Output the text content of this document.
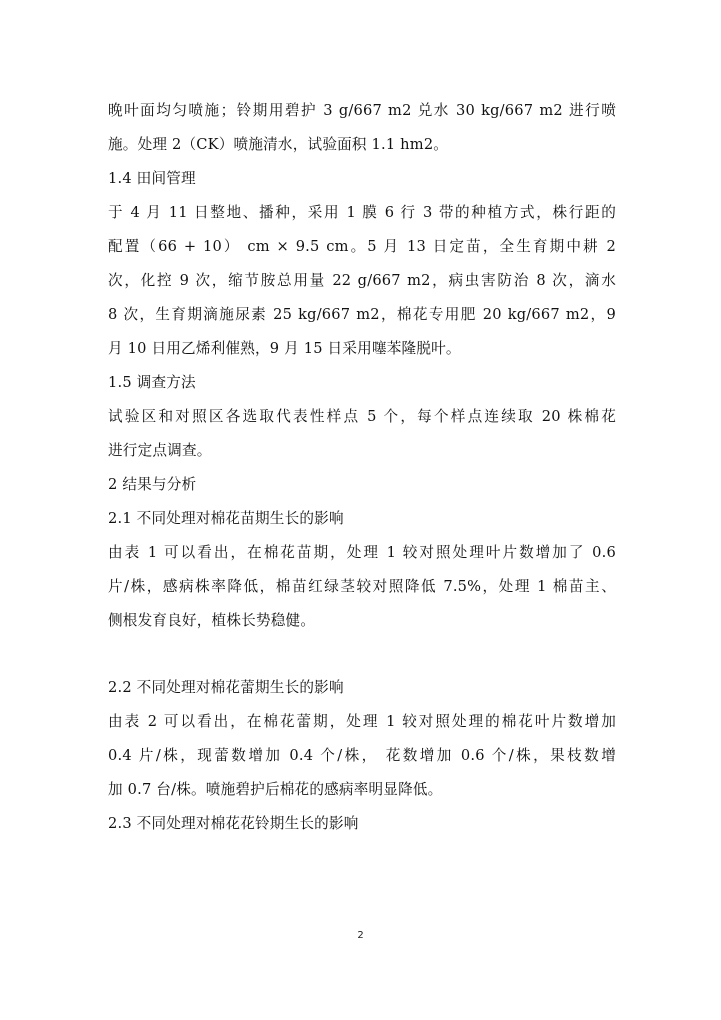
晚叶面均匀喷施；铃期用碧护 3 g/667 m2 兑水 30 kg/667 m2 进行喷
施。处理 2（CK）喷施清水，试验面积 1.1 hm2。
1.4 田间管理
于 4 月 11 日整地、播种，采用 1 膜 6 行 3 带的种植方式，株行距的
配置（66 + 10） cm × 9.5 cm。5 月 13 日定苗，全生育期中耕 2
次，化控 9 次，缩节胺总用量 22 g/667 m2，病虫害防治 8 次，滴水
8 次，生育期滴施尿素 25 kg/667 m2，棉花专用肥 20 kg/667 m2，9
月 10 日用乙烯利催熟，9 月 15 日采用噻苯隆脱叶。
1.5 调查方法
试验区和对照区各选取代表性样点 5 个，每个样点连续取 20 株棉花
进行定点调查。
2 结果与分析
2.1 不同处理对棉花苗期生长的影响
由表 1 可以看出，在棉花苗期，处理 1 较对照处理叶片数增加了 0.6
片/株，感病株率降低，棉苗红绿茎较对照降低 7.5%，处理 1 棉苗主、
侧根发育良好，植株长势稳健。
2.2 不同处理对棉花蕾期生长的影响
由表 2 可以看出，在棉花蕾期，处理 1 较对照处理的棉花叶片数增加
0.4 片/株，现蕾数增加 0.4 个/株， 花数增加 0.6 个/株，果枝数增
加 0.7 台/株。喷施碧护后棉花的感病率明显降低。
2.3 不同处理对棉花花铃期生长的影响
2
